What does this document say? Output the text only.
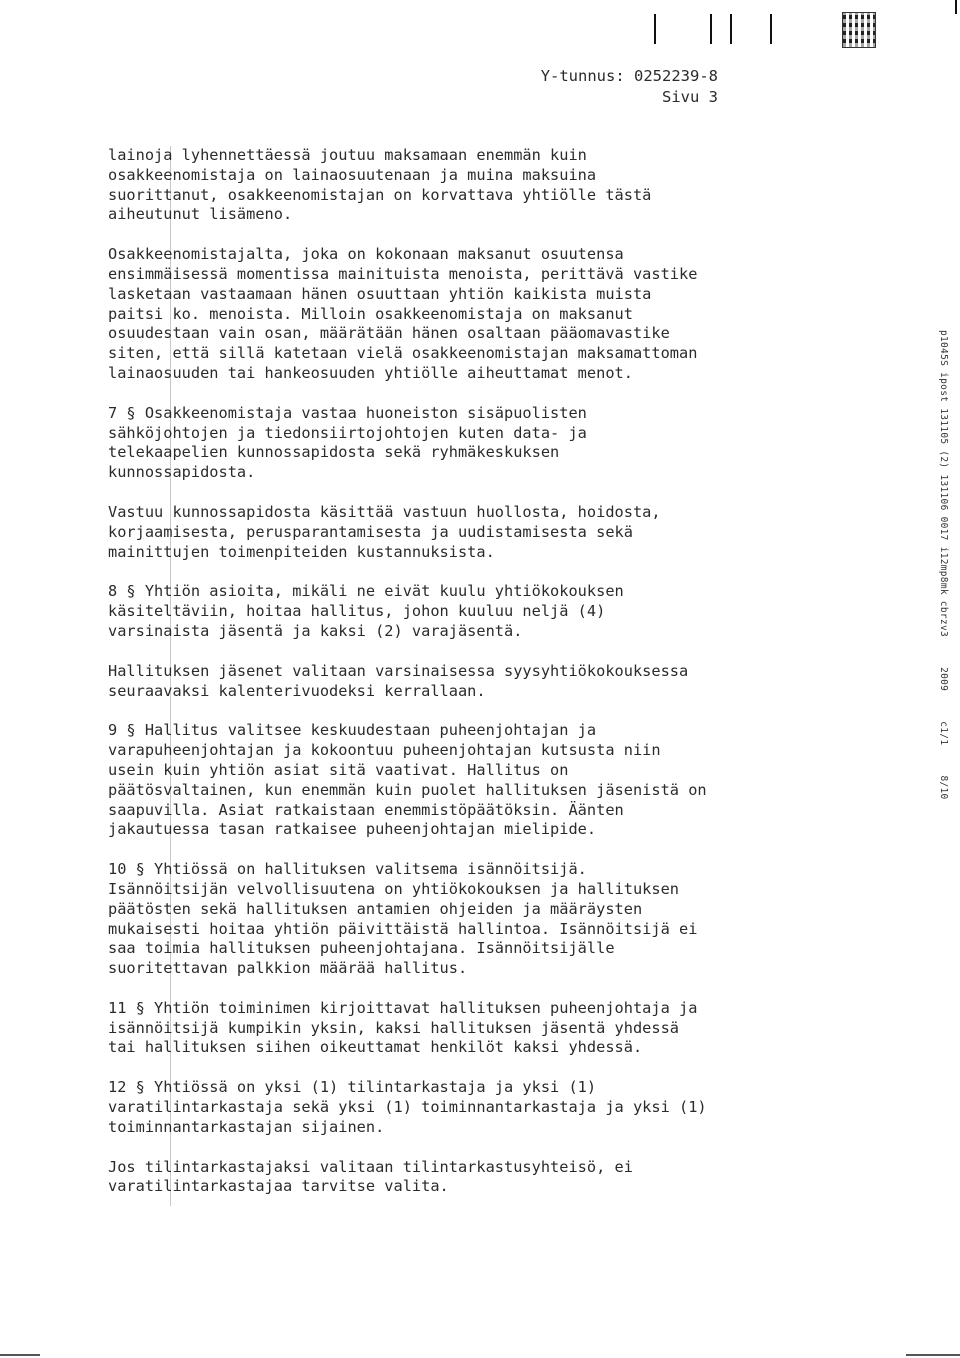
Y-tunnus: 0252239-8
Sivu 3
lainoja lyhennettäessä joutuu maksamaan enemmän kuin
osakkeenomistaja on lainaosuutenaan ja muina maksuina
suorittanut, osakkeenomistajan on korvattava yhtiölle tästä
aiheutunut lisämeno.
Osakkeenomistajalta, joka on kokonaan maksanut osuutensa
ensimmäisessä momentissa mainituista menoista, perittävä vastike
lasketaan vastaamaan hänen osuuttaan yhtiön kaikista muista
paitsi ko. menoista. Milloin osakkeenomistaja on maksanut
osuudestaan vain osan, määrätään hänen osaltaan pääomavastike
siten, että sillä katetaan vielä osakkeenomistajan maksamattoman
lainaosuuden tai hankeosuuden yhtiölle aiheuttamat menot.
7 § Osakkeenomistaja vastaa huoneiston sisäpuolisten
sähköjohtojen ja tiedonsiirtojohtojen kuten data- ja
telekaapelien kunnossapidosta sekä ryhmäkeskuksen
kunnossapidosta.
Vastuu kunnossapidosta käsittää vastuun huollosta, hoidosta,
korjaamisesta, perusparantamisesta ja uudistamisesta sekä
mainittujen toimenpiteiden kustannuksista.
8 § Yhtiön asioita, mikäli ne eivät kuulu yhtiökokouksen
käsiteltäviin, hoitaa hallitus, johon kuuluu neljä (4)
varsinaista jäsentä ja kaksi (2) varajäsentä.
Hallituksen jäsenet valitaan varsinaisessa syysyhtiökokouksessa
seuraavaksi kalenterivuodeksi kerrallaan.
9 § Hallitus valitsee keskuudestaan puheenjohtajan ja
varapuheenjohtajan ja kokoontuu puheenjohtajan kutsusta niin
usein kuin yhtiön asiat sitä vaativat. Hallitus on
päätösvaltainen, kun enemmän kuin puolet hallituksen jäsenistä on
saapuvilla. Asiat ratkaistaan enemmistöpäätöksin. Äänten
jakautuessa tasan ratkaisee puheenjohtajan mielipide.
10 § Yhtiössä on hallituksen valitsema isännöitsijä.
Isännöitsijän velvollisuutena on yhtiökokouksen ja hallituksen
päätösten sekä hallituksen antamien ohjeiden ja määräysten
mukaisesti hoitaa yhtiön päivittäistä hallintoa. Isännöitsijä ei
saa toimia hallituksen puheenjohtajana. Isännöitsijälle
suoritettavan palkkion määrää hallitus.
11 § Yhtiön toiminimen kirjoittavat hallituksen puheenjohtaja ja
isännöitsijä kumpikin yksin, kaksi hallituksen jäsentä yhdessä
tai hallituksen siihen oikeuttamat henkilöt kaksi yhdessä.
12 § Yhtiössä on yksi (1) tilintarkastaja ja yksi (1)
varatilintarkastaja sekä yksi (1) toiminnantarkastaja ja yksi (1)
toiminnantarkastajan sijainen.
Jos tilintarkastajaksi valitaan tilintarkastusyhteisö, ei
varatilintarkastajaa tarvitse valita.
p1045S ipost 131105 (2) 131106 0017 i12mp8mk cbrzv3     2009     c1/1     8/10
